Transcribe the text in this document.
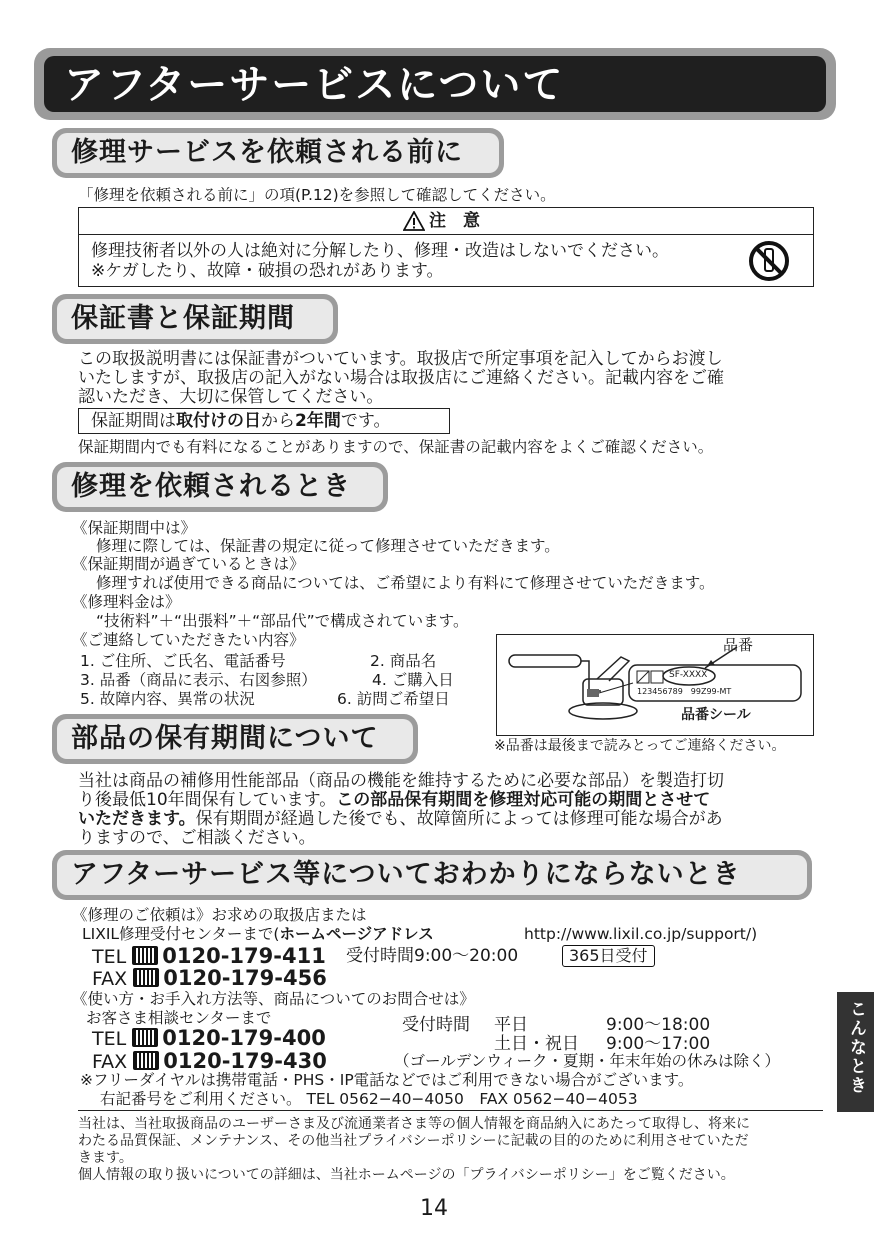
アフターサービスについて
修理サービスを依頼される前に
「修理を依頼される前に」の項(P.12)を参照して確認してください。
注　意
修理技術者以外の人は絶対に分解したり、修理・改造はしないでください。
※ケガしたり、故障・破損の恐れがあります。
保証書と保証期間
この取扱説明書には保証書がついています。取扱店で所定事項を記入してからお渡し
いたしますが、取扱店の記入がない場合は取扱店にご連絡ください。記載内容をご確
認いただき、大切に保管してください。
保証期間は取付けの日から2年間です。
保証期間内でも有料になることがありますので、保証書の記載内容をよくご確認ください。
修理を依頼されるとき
《保証期間中は》
修理に際しては、保証書の規定に従って修理させていただきます。
《保証期間が過ぎているときは》
修理すれば使用できる商品については、ご希望により有料にて修理させていただきます。
《修理料金は》
“技術料”＋“出張料”＋“部品代”で構成されています。
《ご連絡していただきたい内容》
1. ご住所、ご氏名、電話番号	2. 商品名
3. 品番（商品に表示、右図参照）	4. ご購入日
5. 故障内容、異常の状況	6. 訪問ご希望日
品番
SF-XXXX
123456789　99Z99-MT
品番シール
※品番は最後まで読みとってご連絡ください。
部品の保有期間について
当社は商品の補修用性能部品（商品の機能を維持するために必要な部品）を製造打切
り後最低10年間保有しています。この部品保有期間を修理対応可能の期間とさせて
いただきます。保有期間が経過した後でも、故障箇所によっては修理可能な場合があ
りますので、ご相談ください。
アフターサービス等についておわかりにならないとき
《修理のご依頼は》お求めの取扱店または
LIXIL修理受付センターまで(ホームページアドレス	http://www.lixil.co.jp/support/)
TEL 0120-179-411 受付時間9:00～20:00	365日受付
FAX 0120-179-456
《使い方・お手入れ方法等、商品についてのお問合せは》
お客さま相談センターまで
TEL 0120-179-400
FAX 0120-179-430
受付時間 平日	9:00～18:00
土日・祝日 9:00～17:00
（ゴールデンウィーク・夏期・年末年始の休みは除く）
※フリーダイヤルは携帯電話・PHS・IP電話などではご利用できない場合がございます。
右記番号をご利用ください。 TEL 0562−40−4050　FAX 0562−40−4053
当社は、当社取扱商品のユーザーさま及び流通業者さま等の個人情報を商品納入にあたって取得し、将来に
わたる品質保証、メンテナンス、その他当社プライバシーポリシーに記載の目的のために利用させていただ
きます。
個人情報の取り扱いについての詳細は、当社ホームページの「プライバシーポリシー」をご覧ください。
こんなときは
14
